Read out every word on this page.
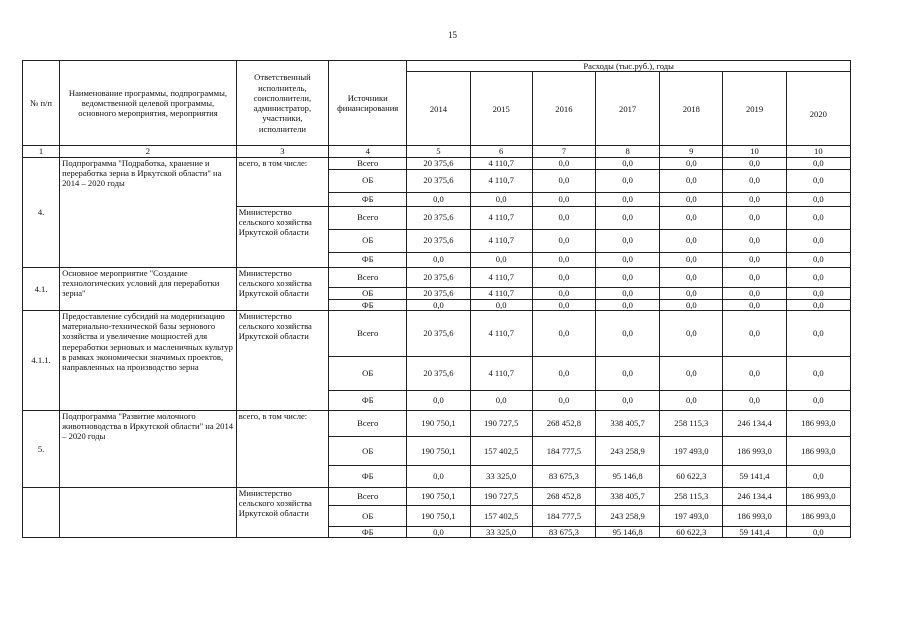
15
№ п/п	Наименование программы, подпрограммы, ведомственной целевой программы, основного мероприятия, мероприятия	Ответственный исполнитель, соисполнители, администратор, участники, исполнители	Источники финансирования	Расходы (тыс.руб.), годы						
				2014	2015	2016	2017	2018	2019	2020
1	2	3	4	5	6	7	8	9	10	10
4.	Подпрограмма "Подработка, хранение и переработка зерна в Иркутской области" на 2014 – 2020 годы	всего, в том числе:	Всего	20 375,6	4 110,7	0,0	0,0	0,0	0,0	0,0
			ОБ	20 375,6	4 110,7	0,0	0,0	0,0	0,0	0,0
			ФБ	0,0	0,0	0,0	0,0	0,0	0,0	0,0
		Министерство сельского хозяйства Иркутской области	Всего	20 375,6	4 110,7	0,0	0,0	0,0	0,0	0,0
			ОБ	20 375,6	4 110,7	0,0	0,0	0,0	0,0	0,0
			ФБ	0,0	0,0	0,0	0,0	0,0	0,0	0,0
4.1.	Основное мероприятие "Создание технологических условий для переработки зерна"	Министерство сельского хозяйства Иркутской области	Всего	20 375,6	4 110,7	0,0	0,0	0,0	0,0	0,0
			ОБ	20 375,6	4 110,7	0,0	0,0	0,0	0,0	0,0
			ФБ	0,0	0,0	0,0	0,0	0,0	0,0	0,0
4.1.1.	Предоставление субсидий на модернизацию материально-технической базы зернового хозяйства и увеличение мощностей для переработки зерновых и масленичных культур в рамках экономически значимых проектов, направленных на производство зерна	Министерство сельского хозяйства Иркутской области	Всего	20 375,6	4 110,7	0,0	0,0	0,0	0,0	0,0
			ОБ	20 375,6	4 110,7	0,0	0,0	0,0	0,0	0,0
			ФБ	0,0	0,0	0,0	0,0	0,0	0,0	0,0
5.	Подпрограмма "Развитие молочного животноводства в Иркутской области" на 2014 – 2020 годы	всего, в том числе:	Всего	190 750,1	190 727,5	268 452,8	338 405,7	258 115,3	246 134,4	186 993,0
			ОБ	190 750,1	157 402,5	184 777,5	243 258,9	197 493,0	186 993,0	186 993,0
			ФБ	0,0	33 325,0	83 675,3	95 146,8	60 622,3	59 141,4	0,0
		Министерство сельского хозяйства Иркутской области	Всего	190 750,1	190 727,5	268 452,8	338 405,7	258 115,3	246 134,4	186 993,0
			ОБ	190 750,1	157 402,5	184 777,5	243 258,9	197 493,0	186 993,0	186 993,0
			ФБ	0,0	33 325,0	83 675,3	95 146,8	60 622,3	59 141,4	0,0
